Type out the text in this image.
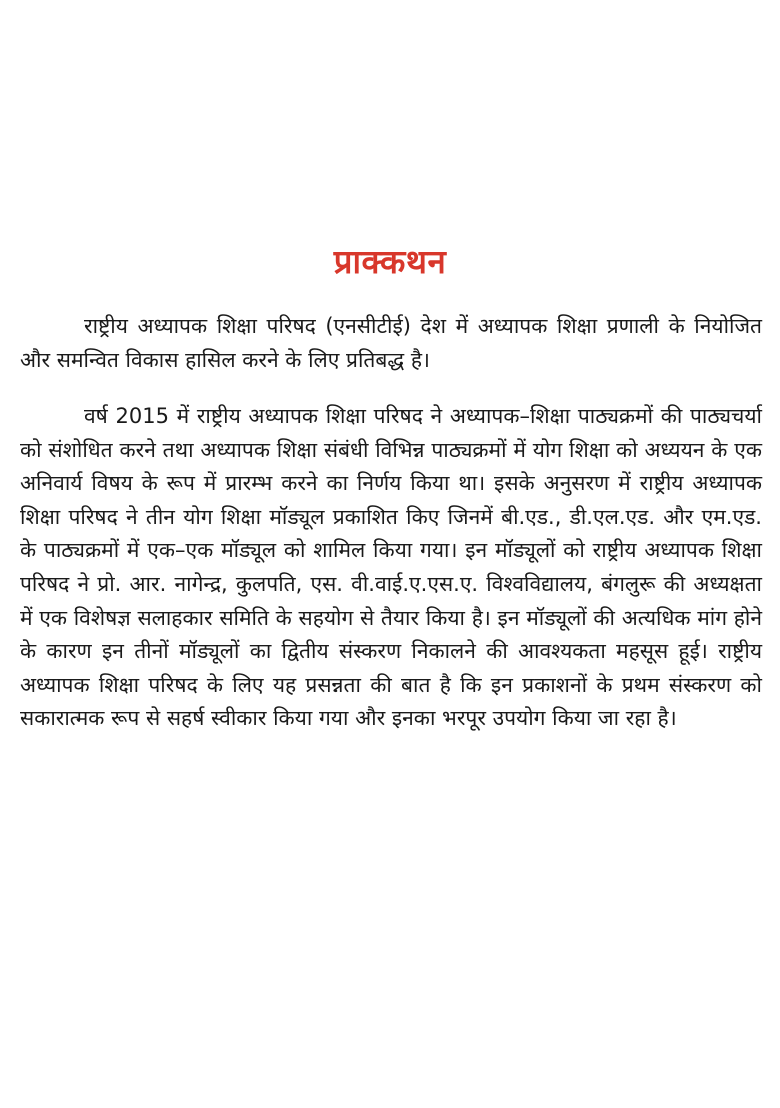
प्राक्कथन

राष्ट्रीय अध्यापक शिक्षा परिषद (एनसीटीई) देश में अध्यापक शिक्षा प्रणाली के नियोजित और समन्वित विकास हासिल करने के लिए प्रतिबद्ध है।

वर्ष 2015 में राष्ट्रीय अध्यापक शिक्षा परिषद ने अध्यापक–शिक्षा पाठ्यक्रमों की पाठ्यचर्या को संशोधित करने तथा अध्यापक शिक्षा संबंधी विभिन्न पाठ्यक्रमों में योग शिक्षा को अध्ययन के एक अनिवार्य विषय के रूप में प्रारम्भ करने का निर्णय किया था। इसके अनुसरण में राष्ट्रीय अध्यापक शिक्षा परिषद ने तीन योग शिक्षा मॉड्यूल प्रकाशित किए जिनमें बी.एड., डी.एल.एड. और एम.एड. के पाठ्यक्रमों में एक–एक मॉड्यूल को शामिल किया गया। इन मॉड्यूलों को राष्ट्रीय अध्यापक शिक्षा परिषद ने प्रो. आर. नागेन्द्र, कुलपति, एस. वी.वाई.ए.एस.ए. विश्वविद्यालय, बंगलुरू की अध्यक्षता में एक विशेषज्ञ सलाहकार समिति के सहयोग से तैयार किया है। इन मॉड्यूलों की अत्यधिक मांग होने के कारण इन तीनों मॉड्यूलों का द्वितीय संस्करण निकालने की आवश्यकता महसूस हूई। राष्ट्रीय अध्यापक शिक्षा परिषद के लिए यह प्रसन्नता की बात है कि इन प्रकाशनों के प्रथम संस्करण को सकारात्मक रूप से सहर्ष स्वीकार किया गया और इनका भरपूर उपयोग किया जा रहा है।
